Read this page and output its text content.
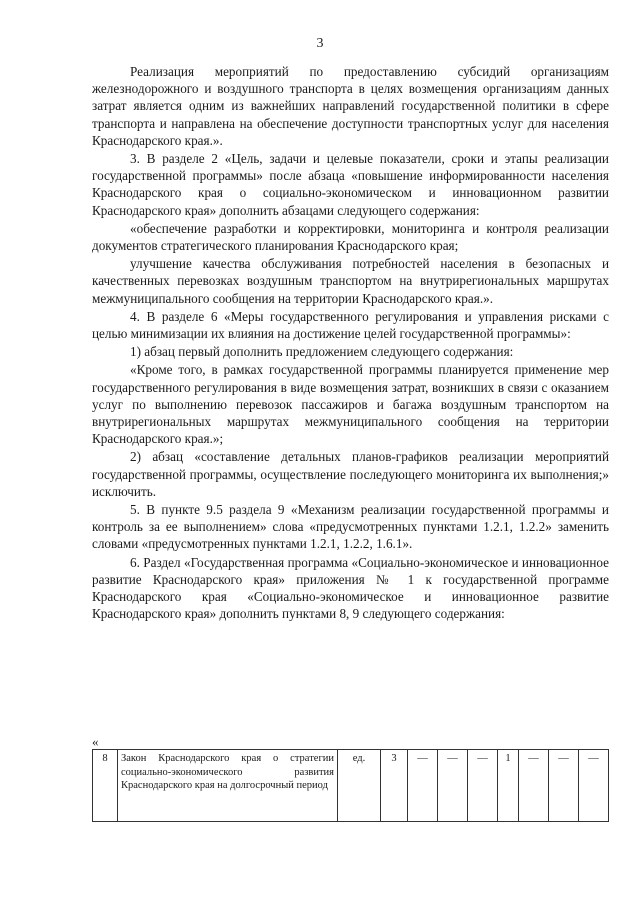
3

Реализация мероприятий по предоставлению субсидий организациям железнодорожного и воздушного транспорта в целях возмещения организациям данных затрат является одним из важнейших направлений государственной политики в сфере транспорта и направлена на обеспечение доступности транспортных услуг для населения Краснодарского края.».

3. В разделе 2 «Цель, задачи и целевые показатели, сроки и этапы реализации государственной программы» после абзаца «повышение информированности населения Краснодарского края о социально-экономическом и инновационном развитии Краснодарского края» дополнить абзацами следующего содержания:

«обеспечение разработки и корректировки, мониторинга и контроля реализации документов стратегического планирования Краснодарского края;

улучшение качества обслуживания потребностей населения в безопасных и качественных перевозках воздушным транспортом на внутрирегиональных маршрутах межмуниципального сообщения на территории Краснодарского края.».

4. В разделе 6 «Меры государственного регулирования и управления рисками с целью минимизации их влияния на достижение целей государственной программы»:

1) абзац первый дополнить предложением следующего содержания:

«Кроме того, в рамках государственной программы планируется применение мер государственного регулирования в виде возмещения затрат, возникших в связи с оказанием услуг по выполнению перевозок пассажиров и багажа воздушным транспортом на внутрирегиональных маршрутах межмуниципального сообщения на территории Краснодарского края.»;

2) абзац «составление детальных планов-графиков реализации мероприятий государственной программы, осуществление последующего мониторинга их выполнения;» исключить.

5. В пункте 9.5 раздела 9 «Механизм реализации государственной программы и контроль за ее выполнением» слова «предусмотренных пунктами 1.2.1, 1.2.2» заменить словами «предусмотренных пунктами 1.2.1, 1.2.2, 1.6.1».

6. Раздел «Государственная программа «Социально-экономическое и инновационное развитие Краснодарского края» приложения № 1 к государственной программе Краснодарского края «Социально-экономическое и инновационное развитие Краснодарского края» дополнить пунктами 8, 9 следующего содержания:

«
8	Закон Краснодарского края о стратегии социально-экономического развития Краснодарского края на долгосрочный период	ед.	3	—	—	—	1	—	—	—
